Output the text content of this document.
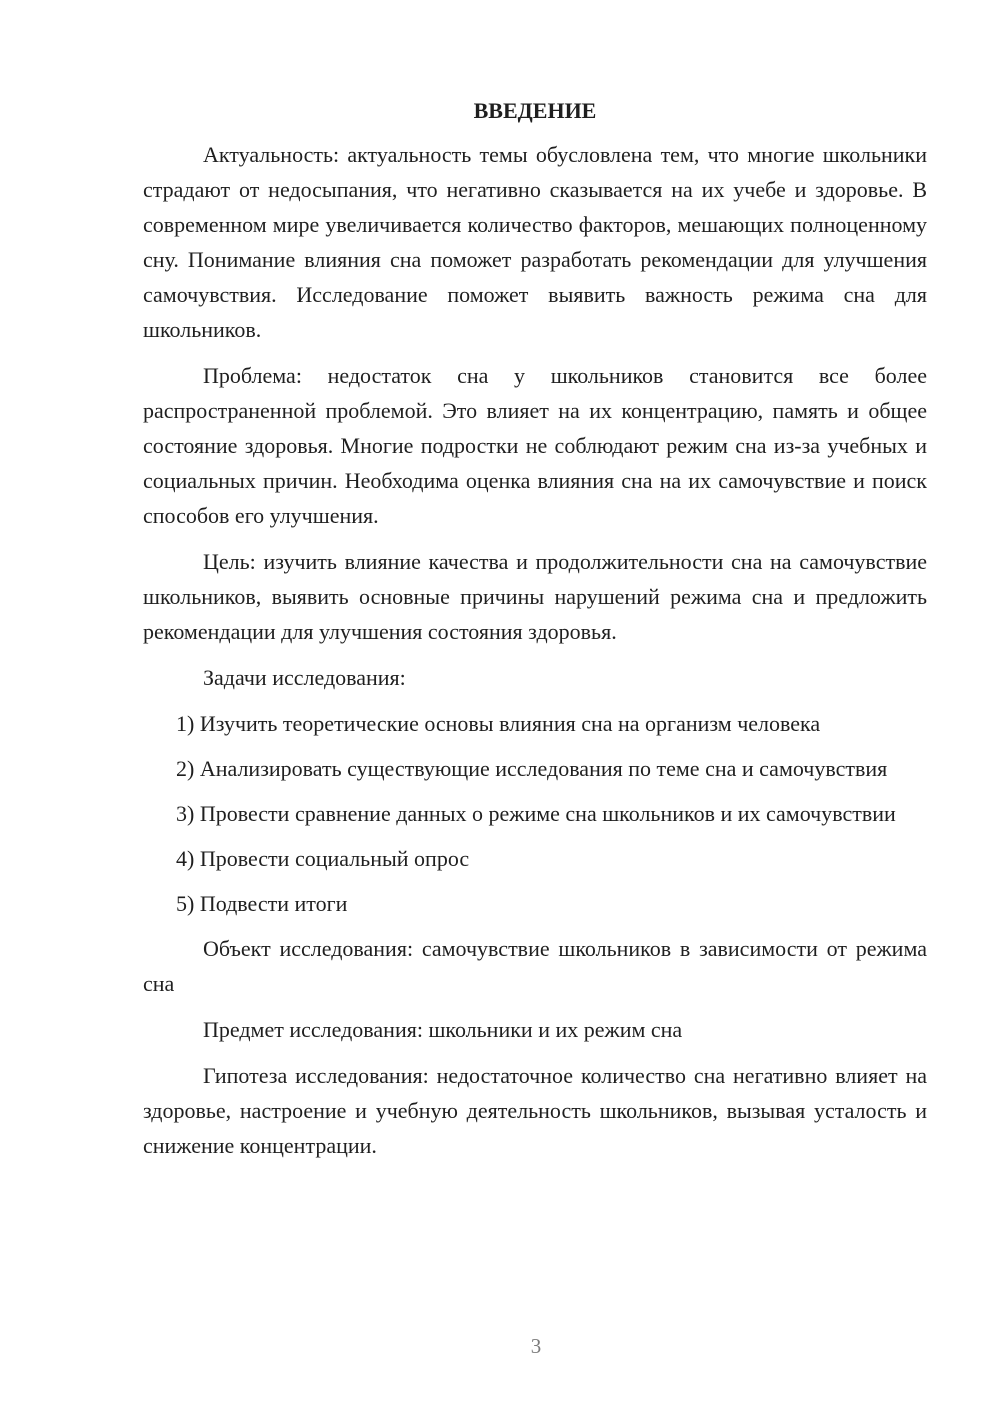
ВВЕДЕНИЕ

Актуальность: актуальность темы обусловлена тем, что многие школьники страдают от недосыпания, что негативно сказывается на их учебе и здоровье. В современном мире увеличивается количество факторов, мешающих полноценному сну. Понимание влияния сна поможет разработать рекомендации для улучшения самочувствия. Исследование поможет выявить важность режима сна для школьников.

Проблема: недостаток сна у школьников становится все более распространенной проблемой. Это влияет на их концентрацию, память и общее состояние здоровья. Многие подростки не соблюдают режим сна из-за учебных и социальных причин. Необходима оценка влияния сна на их самочувствие и поиск способов его улучшения.

Цель: изучить влияние качества и продолжительности сна на самочувствие школьников, выявить основные причины нарушений режима сна и предложить рекомендации для улучшения состояния здоровья.

Задачи исследования:

1) Изучить теоретические основы влияния сна на организм человека
2) Анализировать существующие исследования по теме сна и самочувствия
3) Провести сравнение данных о режиме сна школьников и их самочувствии
4) Провести социальный опрос
5) Подвести итоги

Объект исследования: самочувствие школьников в зависимости от режима сна

Предмет исследования: школьники и их режим сна

Гипотеза исследования: недостаточное количество сна негативно влияет на здоровье, настроение и учебную деятельность школьников, вызывая усталость и снижение концентрации.

3
